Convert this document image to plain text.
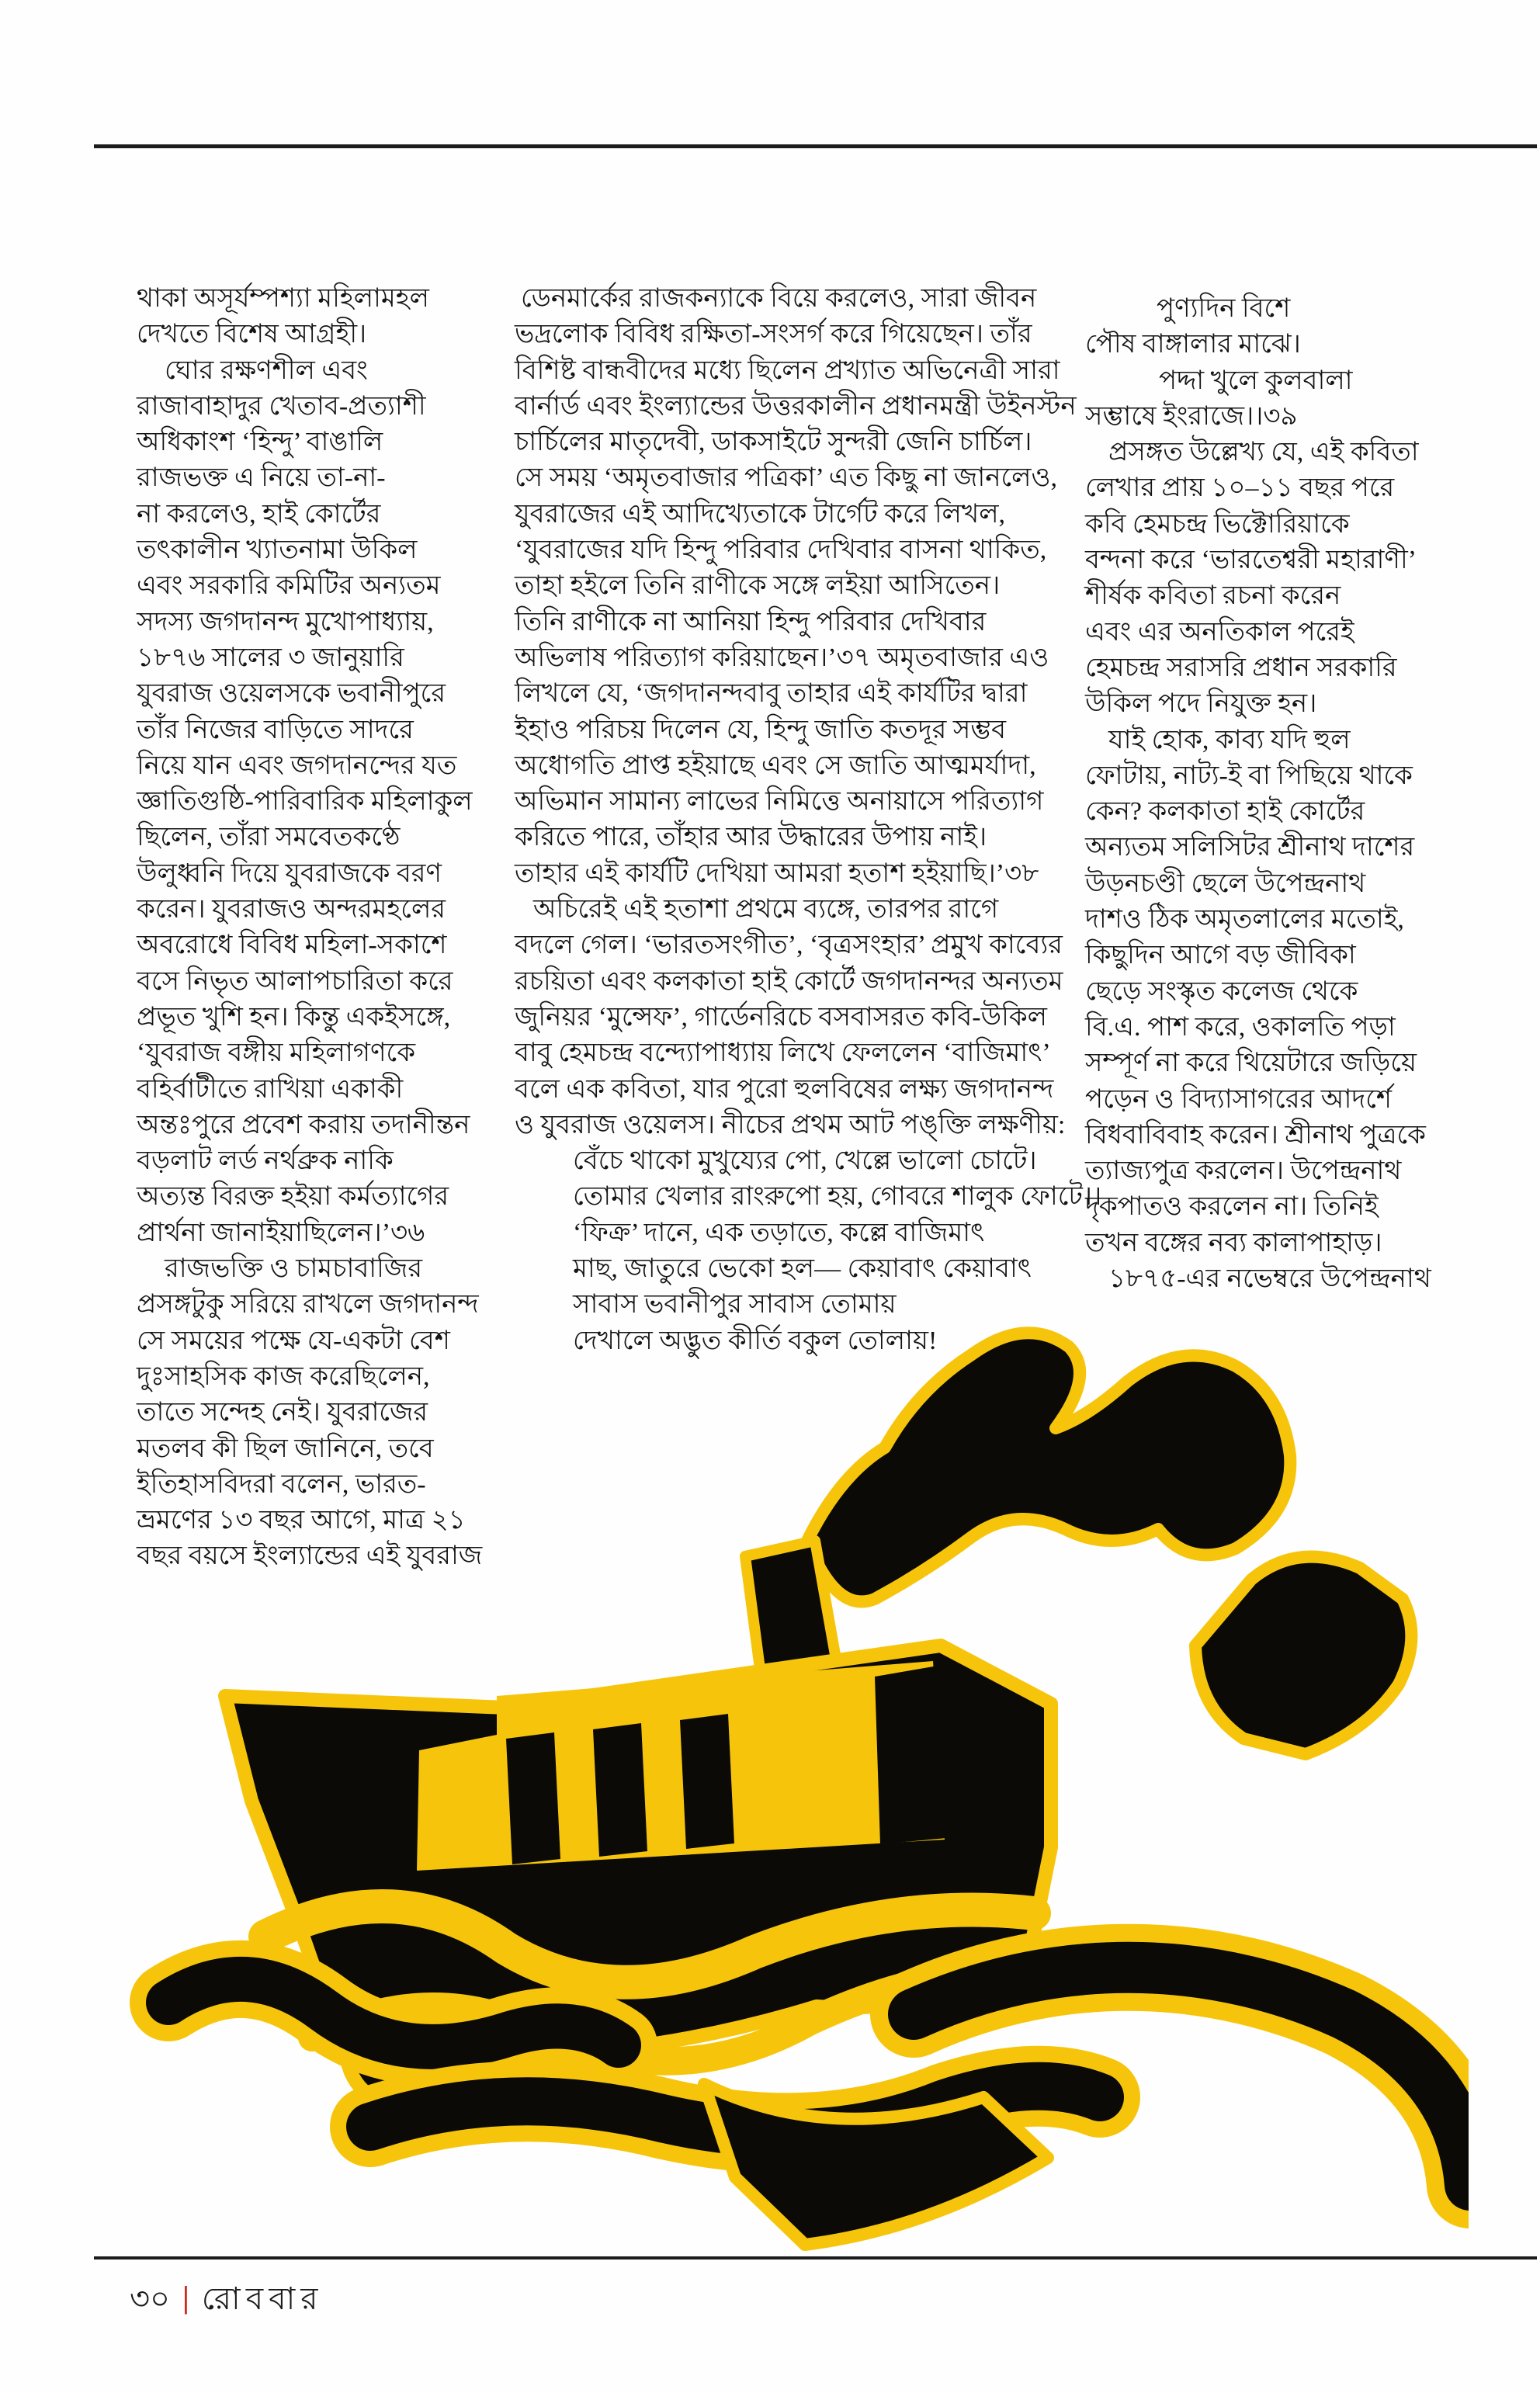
থাকা অসূর্যম্পশ্যা মহিলামহল
দেখতে বিশেষ আগ্রহী।
ঘোর রক্ষণশীল এবং
রাজাবাহাদুর খেতাব-প্রত্যাশী
অধিকাংশ ‘হিন্দু’ বাঙালি
রাজভক্ত এ নিয়ে তা-না-
না করলেও, হাই কোর্টের
তৎকালীন খ্যাতনামা উকিল
এবং সরকারি কমিটির অন্যতম
সদস্য জগদানন্দ মুখোপাধ্যায়,
১৮৭৬ সালের ৩ জানুয়ারি
যুবরাজ ওয়েলসকে ভবানীপুরে
তাঁর নিজের বাড়িতে সাদরে
নিয়ে যান এবং জগদানন্দের যত
জ্ঞাতিগুষ্ঠি-পারিবারিক মহিলাকুল
ছিলেন, তাঁরা সমবেতকণ্ঠে
উলুধ্বনি দিয়ে যুবরাজকে বরণ
করেন। যুবরাজও অন্দরমহলের
অবরোধে বিবিধ মহিলা-সকাশে
বসে নিভৃত আলাপচারিতা করে
প্রভূত খুশি হন। কিন্তু একইসঙ্গে,
‘যুবরাজ বঙ্গীয় মহিলাগণকে
বহির্বাটীতে রাখিয়া একাকী
অন্তঃপুরে প্রবেশ করায় তদানীন্তন
বড়লাট লর্ড নর্থব্রুক নাকি
অত্যন্ত বিরক্ত হইয়া কর্মত্যাগের
প্রার্থনা জানাইয়াছিলেন।’৩৬
রাজভক্তি ও চামচাবাজির
প্রসঙ্গটুকু সরিয়ে রাখলে জগদানন্দ
সে সময়ের পক্ষে যে-একটা বেশ
দুঃসাহসিক কাজ করেছিলেন,
তাতে সন্দেহ নেই। যুবরাজের
মতলব কী ছিল জানিনে, তবে
ইতিহাসবিদরা বলেন, ভারত-
ভ্রমণের ১৩ বছর আগে, মাত্র ২১
বছর বয়সে ইংল্যান্ডের এই যুবরাজ
ডেনমার্কের রাজকন্যাকে বিয়ে করলেও, সারা জীবন
ভদ্রলোক বিবিধ রক্ষিতা-সংসর্গ করে গিয়েছেন। তাঁর
বিশিষ্ট বান্ধবীদের মধ্যে ছিলেন প্রখ্যাত অভিনেত্রী সারা
বার্নার্ড এবং ইংল্যান্ডের উত্তরকালীন প্রধানমন্ত্রী উইনস্টন
চার্চিলের মাতৃদেবী, ডাকসাইটে সুন্দরী জেনি চার্চিল।
সে সময় ‘অমৃতবাজার পত্রিকা’ এত কিছু না জানলেও,
যুবরাজের এই আদিখ্যেতাকে টার্গেট করে লিখল,
‘যুবরাজের যদি হিন্দু পরিবার দেখিবার বাসনা থাকিত,
তাহা হইলে তিনি রাণীকে সঙ্গে লইয়া আসিতেন।
তিনি রাণীকে না আনিয়া হিন্দু পরিবার দেখিবার
অভিলাষ পরিত্যাগ করিয়াছেন।’৩৭ অমৃতবাজার এও
লিখলে যে, ‘জগদানন্দবাবু তাহার এই কার্যটির দ্বারা
ইহাও পরিচয় দিলেন যে, হিন্দু জাতি কতদূর সম্ভব
অধোগতি প্রাপ্ত হইয়াছে এবং সে জাতি আত্মমর্যাদা,
অভিমান সামান্য লাভের নিমিত্তে অনায়াসে পরিত্যাগ
করিতে পারে, তাঁহার আর উদ্ধারের উপায় নাই।
তাহার এই কার্যটি দেখিয়া আমরা হতাশ হইয়াছি।’৩৮
অচিরেই এই হতাশা প্রথমে ব্যঙ্গে, তারপর রাগে
বদলে গেল। ‘ভারতসংগীত’, ‘বৃত্রসংহার’ প্রমুখ কাব্যের
রচয়িতা এবং কলকাতা হাই কোর্টে জগদানন্দর অন্যতম
জুনিয়র ‘মুন্সেফ’, গার্ডেনরিচে বসবাসরত কবি-উকিল
বাবু হেমচন্দ্র বন্দ্যোপাধ্যায় লিখে ফেললেন ‘বাজিমাৎ’
বলে এক কবিতা, যার পুরো হুলবিষের লক্ষ্য জগদানন্দ
ও যুবরাজ ওয়েলস। নীচের প্রথম আট পঙ্‌ক্তি লক্ষণীয়:
বেঁচে থাকো মুখুয্যের পো, খেল্লে ভালো চোটে।
তোমার খেলার রাংরুপো হয়, গোবরে শালুক ফোটে।।
‘ফিক্র’ দানে, এক তড়াতে, কল্লে বাজিমাৎ
মাছ, জাতুরে ভেকো হল— কেয়াবাৎ কেয়াবাৎ
সাবাস ভবানীপুর সাবাস তোমায়
দেখালে অদ্ভুত কীর্তি বকুল তোলায়!
পুণ্যদিন বিশে
পৌষ বাঙ্গালার মাঝে।
পদ্দা খুলে কুলবালা
সম্ভাষে ইংরাজে।।৩৯
প্রসঙ্গত উল্লেখ্য যে, এই কবিতা
লেখার প্রায় ১০–১১ বছর পরে
কবি হেমচন্দ্র ভিক্টোরিয়াকে
বন্দনা করে ‘ভারতেশ্বরী মহারাণী’
শীর্ষক কবিতা রচনা করেন
এবং এর অনতিকাল পরেই
হেমচন্দ্র সরাসরি প্রধান সরকারি
উকিল পদে নিযুক্ত হন।
যাই হোক, কাব্য যদি হুল
ফোটায়, নাট্য-ই বা পিছিয়ে থাকে
কেন? কলকাতা হাই কোর্টের
অন্যতম সলিসিটর শ্রীনাথ দাশের
উড়নচণ্ডী ছেলে উপেন্দ্রনাথ
দাশও ঠিক অমৃতলালের মতোই,
কিছুদিন আগে বড় জীবিকা
ছেড়ে সংস্কৃত কলেজ থেকে
বি.এ. পাশ করে, ওকালতি পড়া
সম্পূর্ণ না করে থিয়েটারে জড়িয়ে
পড়েন ও বিদ্যাসাগরের আদর্শে
বিধবাবিবাহ করেন। শ্রীনাথ পুত্রকে
ত্যাজ্যপুত্র করলেন। উপেন্দ্রনাথ
দৃকপাতও করলেন না। তিনিই
তখন বঙ্গের নব্য কালাপাহাড়।
১৮৭৫-এর নভেম্বরে উপেন্দ্রনাথ
৩০ | রোববার
